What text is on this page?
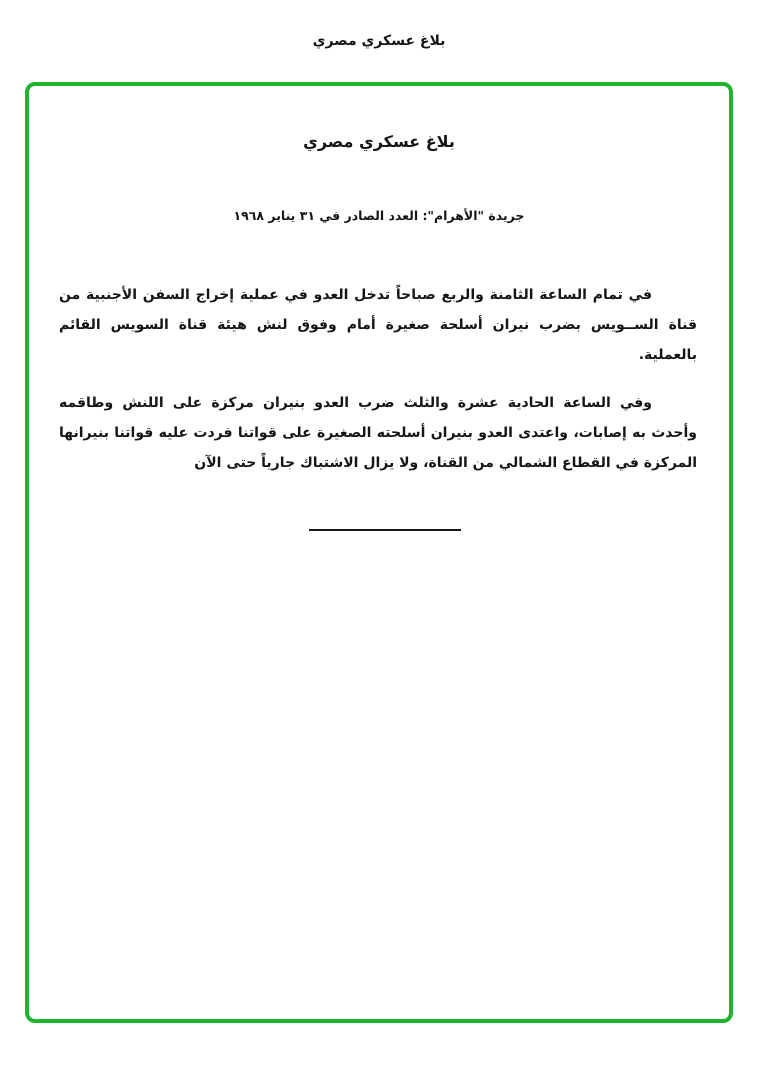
بلاغ عسكري مصري
بلاغ عسكري مصري
جريدة "الأهرام": العدد الصادر في ٣١ يناير ١٩٦٨

في تمام الساعة الثامنة والربع صباحاً تدخل العدو في عملية إخراج السفن الأجنبية من قناة الســويس بضرب نيران أسلحة صغيرة أمام وفوق لنش هيئة قناة السويس القائم بالعملية.

وفي الساعة الحادية عشرة والثلث ضرب العدو بنيران مركزة على اللنش وطاقمه وأحدث به إصابات، واعتدى العدو بنيران أسلحته الصغيرة على قواتنا فردت عليه قواتنا بنيرانها المركزة في القطاع الشمالي من القناة، ولا يزال الاشتباك جارياً حتى الآن
